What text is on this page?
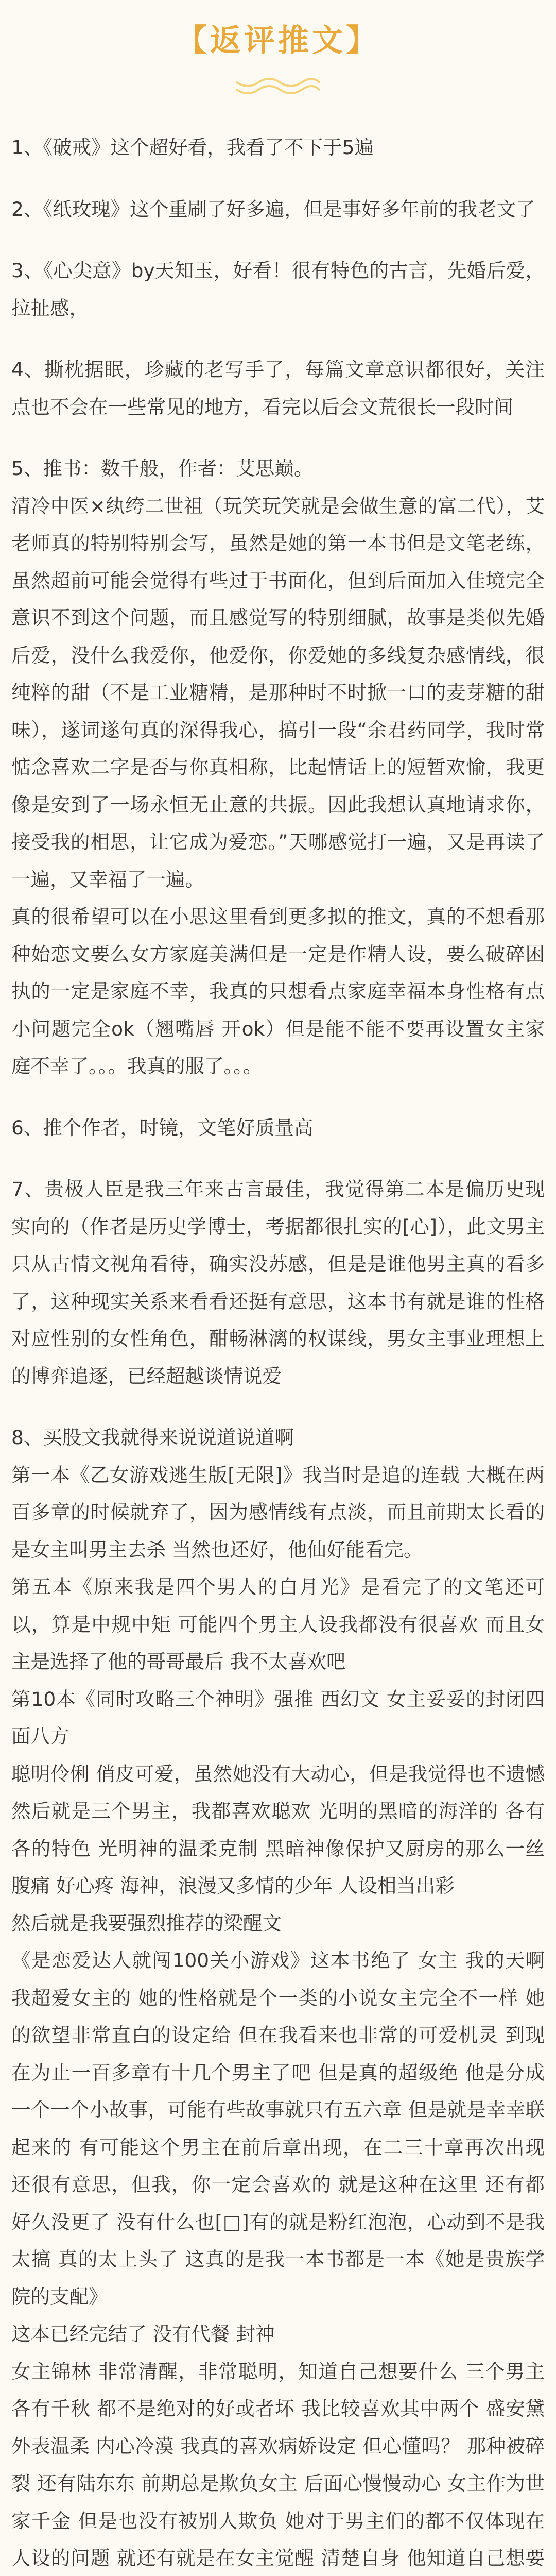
【返评推文】

1、《破戒》这个超好看，我看了不下于5遍

2、《纸玫瑰》这个重刷了好多遍，但是事好多年前的我老文了

3、《心尖意》by天知玉，好看！很有特色的古言，先婚后爱，拉扯感，

4、撕枕据眠，珍藏的老写手了，每篇文章意识都很好，关注点也不会在一些常见的地方，看完以后会文荒很长一段时间

5、推书：数千般，作者：艾思巅。
清冷中医×纨绔二世祖（玩笑玩笑就是会做生意的富二代），艾老师真的特别特别会写，虽然是她的第一本书但是文笔老练，虽然超前可能会觉得有些过于书面化，但到后面加入佳境完全意识不到这个问题，而且感觉写的特别细腻，故事是类似先婚后爱，没什么我爱你，他爱你，你爱她的多线复杂感情线，很纯粹的甜（不是工业糖精，是那种时不时掀一口的麦芽糖的甜味），遂词遂句真的深得我心，搞引一段“余君药同学，我时常惦念喜欢二字是否与你真相称，比起情话上的短暂欢愉，我更像是安到了一场永恒无止意的共振。因此我想认真地请求你，接受我的相思，让它成为爱恋。”天哪感觉打一遍，又是再读了一遍，又幸福了一遍。
真的很希望可以在小思这里看到更多拟的推文，真的不想看那种始恋文要么女方家庭美满但是一定是作精人设，要么破碎困执的一定是家庭不幸，我真的只想看点家庭幸福本身性格有点小问题完全ok（翘嘴唇 开ok）但是能不能不要再设置女主家庭不幸了。。。我真的服了。。。

6、推个作者，时镜，文笔好质量高

7、贵极人臣是我三年来古言最佳，我觉得第二本是偏历史现实向的（作者是历史学博士，考据都很扎实的[心]），此文男主只从古情文视角看待，确实没苏感，但是是谁他男主真的看多了，这种现实关系来看看还挺有意思，这本书有就是谁的性格对应性别的女性角色，酣畅淋漓的权谋线，男女主事业理想上的博弈追逐，已经超越谈情说爱

8、买股文我就得来说说道说道啊
第一本《乙女游戏逃生版[无限]》我当时是追的连载 大概在两百多章的时候就弃了，因为感情线有点淡，而且前期太长看的是女主叫男主去杀 当然也还好，他仙好能看完。
第五本《原来我是四个男人的白月光》是看完了的文笔还可以，算是中规中矩 可能四个男主人设我都没有很喜欢 而且女主是选择了他的哥哥最后 我不太喜欢吧
第10本《同时攻略三个神明》强推 西幻文 女主妥妥的封闭四面八方
聪明伶俐 俏皮可爱，虽然她没有大动心，但是我觉得也不遗憾 然后就是三个男主，我都喜欢聪欢 光明的黑暗的海洋的 各有各的特色 光明神的温柔克制 黑暗神像保护又厨房的那么一丝腹痛 好心疼 海神，浪漫又多情的少年 人设相当出彩
然后就是我要强烈推荐的梁醒文
《是恋爱达人就闯100关小游戏》这本书绝了 女主 我的天啊 我超爱女主的 她的性格就是个一类的小说女主完全不一样 她的欲望非常直白的设定给 但在我看来也非常的可爱机灵 到现在为止一百多章有十几个男主了吧 但是真的超级绝 他是分成一个一个小故事，可能有些故事就只有五六章 但是就是幸幸联起来的 有可能这个男主在前后章出现，在二三十章再次出现 还很有意思，但我，你一定会喜欢的 就是这种在这里 还有都好久没更了 没有什么也[□]有的就是粉红泡泡，心动到不是我太搞 真的太上头了 这真的是我一本书都是一本《她是贵族学院的支配》
这本已经完结了 没有代餐 封神
女主锦林 非常清醒，非常聪明，知道自己想要什么 三个男主各有千秋 都不是绝对的好或者坏 我比较喜欢其中两个 盛安黛 外表温柔 内心冷漠 我真的喜欢病娇设定 但心懂吗？ 那种被碎裂 还有陆东东 前期总是欺负女主 后面心慢慢动心 女主作为世家千金 但是也没有被别人欺负 她对于男主们的都不仅体现在人设的问题 就还有就是在女主觉醒 清楚自身 他知道自己想要
